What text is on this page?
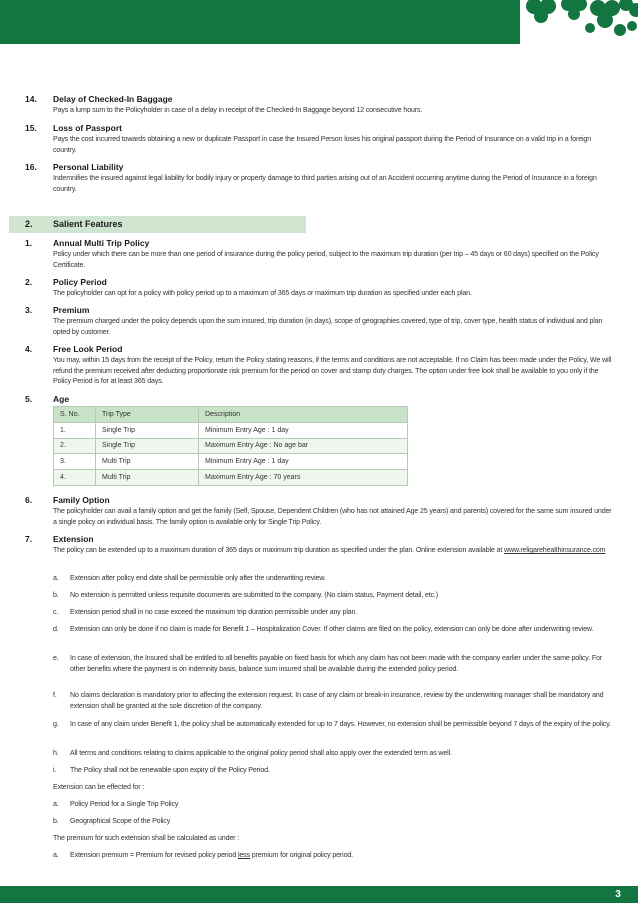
14. Delay of Checked-In Baggage
Pays a lump sum to the Policyholder in case of a delay in receipt of the Checked-In Baggage beyond 12 consecutive hours.
15. Loss of Passport
Pays the cost incurred towards obtaining a new or duplicate Passport in case the Insured Person loses his original passport during the Period of Insurance on a valid trip in a foreign country.
16. Personal Liability
Indemnifies the insured against legal liability for bodily injury or property damage to third parties arising out of an Accident occurring anytime during the Period of Insurance in a foreign country.
2. Salient Features
1. Annual Multi Trip Policy
Policy under which there can be more than one period of insurance during the policy period, subject to the maximum trip duration (per trip – 45 days or 60 days) specified on the Policy Certificate.
2. Policy Period
The policyholder can opt for a policy with policy period up to a maximum of 365 days or maximum trip duration as specified under each plan.
3. Premium
The premium charged under the policy depends upon the sum insured, trip duration (in days), scope of geographies covered, type of trip, cover type, health status of individual and plan opted by customer.
4. Free Look Period
You may, within 15 days from the receipt of the Policy, return the Policy stating reasons, if the terms and conditions are not acceptable. If no Claim has been made under the Policy, We will refund the premium received after deducting proportionate risk premium for the period on cover and stamp duty charges. The option under free look shall be available to you only if the Policy Period is for at least 365 days.
5. Age
S. No.	Trip Type	Description
1.	Single Trip	Minimum Entry Age : 1 day
2.	Single Trip	Maximum Entry Age : No age bar
3.	Multi Trip	Minimum Entry Age : 1 day
4.	Multi Trip	Maximum Entry Age : 70 years
6. Family Option
The policyholder can avail a family option and get the family (Self, Spouse, Dependent Children (who has not attained Age 25 years) and parents) covered for the same sum insured under a single policy on individual basis. The family option is available only for Single Trip Policy.
7. Extension
The policy can be extended up to a maximum duration of 365 days or maximum trip duration as specified under the plan. Online extension available at www.religarehealthinsurance.com
a.	Extension after policy end date shall be permissible only after the underwriting review.
b.	No extension is permitted unless requisite documents are submitted to the company. (No claim status, Payment detail, etc.)
c.	Extension period shall in no case exceed the maximum trip duration permissible under any plan.
d.	Extension can only be done if no claim is made for Benefit 1 – Hospitalization Cover. If other claims are filed on the policy, extension can only be done after underwriting review.
e.	In case of extension, the Insured shall be entitled to all benefits payable on fixed basis for which any claim has not been made with the company earlier under the same policy. For other benefits where the payment is on indemnity basis, balance sum insured shall be available during the extended policy period.
f.	No claims declaration is mandatory prior to affecting the extension request. In case of any claim or break-in insurance, review by the underwriting manager shall be mandatory and extension shall be granted at the sole discretion of the company.
g.	In case of any claim under Benefit 1, the policy shall be automatically extended for up to 7 days. However, no extension shall be permissible beyond 7 days of the expiry of the policy.
h.	All terms and conditions relating to claims applicable to the original policy period shall also apply over the extended term as well.
i.	The Policy shall not be renewable upon expiry of the Policy Period.
Extension can be effected for :
a.	Policy Period for a Single Trip Policy
b.	Geographical Scope of the Policy
The premium for such extension shall be calculated as under :
a.	Extension premium = Premium for revised policy period less premium for original policy period.
3
